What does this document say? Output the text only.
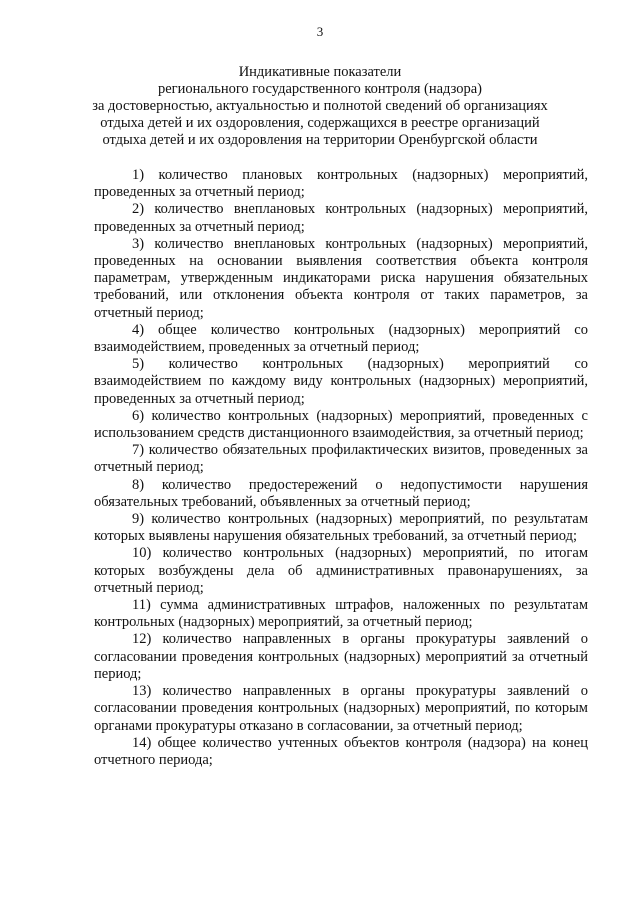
3
Индикативные показатели
регионального государственного контроля (надзора)
за достоверностью, актуальностью и полнотой сведений об организациях
отдыха детей и их оздоровления, содержащихся в реестре организаций
отдыха детей и их оздоровления на территории Оренбургской области

1) количество плановых контрольных (надзорных) мероприятий, проведенных за отчетный период;

2) количество внеплановых контрольных (надзорных) мероприятий, проведенных за отчетный период;

3) количество внеплановых контрольных (надзорных) мероприятий, проведенных на основании выявления соответствия объекта контроля параметрам, утвержденным индикаторами риска нарушения обязательных требований, или отклонения объекта контроля от таких параметров, за отчетный период;

4) общее количество контрольных (надзорных) мероприятий со взаимодействием, проведенных за отчетный период;

5) количество контрольных (надзорных) мероприятий со взаимодействием по каждому виду контрольных (надзорных) мероприятий, проведенных за отчетный период;

6) количество контрольных (надзорных) мероприятий, проведенных с использованием средств дистанционного взаимодействия, за отчетный период;

7) количество обязательных профилактических визитов, проведенных за отчетный период;

8) количество предостережений о недопустимости нарушения обязательных требований, объявленных за отчетный период;

9) количество контрольных (надзорных) мероприятий, по результатам которых выявлены нарушения обязательных требований, за отчетный период;

10) количество контрольных (надзорных) мероприятий, по итогам которых возбуждены дела об административных правонарушениях, за отчетный период;

11) сумма административных штрафов, наложенных по результатам контрольных (надзорных) мероприятий, за отчетный период;

12) количество направленных в органы прокуратуры заявлений о согласовании проведения контрольных (надзорных) мероприятий за отчетный период;

13) количество направленных в органы прокуратуры заявлений о согласовании проведения контрольных (надзорных) мероприятий, по которым органами прокуратуры отказано в согласовании, за отчетный период;

14) общее количество учтенных объектов контроля (надзора) на конец отчетного периода;
